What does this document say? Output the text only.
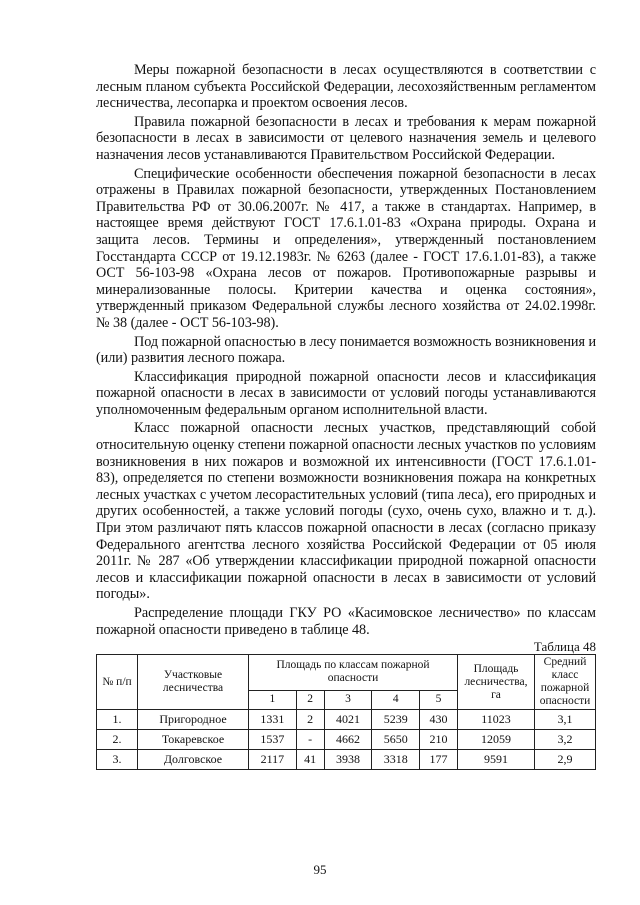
Меры пожарной безопасности в лесах осуществляются в соответствии с лесным планом субъекта Российской Федерации, лесохозяйственным регламентом лесничества, лесопарка и проектом освоения лесов.

Правила пожарной безопасности в лесах и требования к мерам пожарной безопасности в лесах в зависимости от целевого назначения земель и целевого назначения лесов устанавливаются Правительством Российской Федерации.

Специфические особенности обеспечения пожарной безопасности в лесах отражены в Правилах пожарной безопасности, утвержденных Постановлением Правительства РФ от 30.06.2007г. № 417, а также в стандартах. Например, в настоящее время действуют ГОСТ 17.6.1.01-83 «Охрана природы. Охрана и защита лесов. Термины и определения», утвержденный постановлением Госстандарта СССР от 19.12.1983г. № 6263 (далее - ГОСТ 17.6.1.01-83), а также ОСТ 56-103-98 «Охрана лесов от пожаров. Противопожарные разрывы и минерализованные полосы. Критерии качества и оценка состояния», утвержденный приказом Федеральной службы лесного хозяйства от 24.02.1998г. № 38 (далее - ОСТ 56-103-98).

Под пожарной опасностью в лесу понимается возможность возникновения и (или) развития лесного пожара.

Классификация природной пожарной опасности лесов и классификация пожарной опасности в лесах в зависимости от условий погоды устанавливаются уполномоченным федеральным органом исполнительной власти.

Класс пожарной опасности лесных участков, представляющий собой относительную оценку степени пожарной опасности лесных участков по условиям возникновения в них пожаров и возможной их интенсивности (ГОСТ 17.6.1.01-83), определяется по степени возможности возникновения пожара на конкретных лесных участках с учетом лесорастительных условий (типа леса), его природных и других особенностей, а также условий погоды (сухо, очень сухо, влажно и т. д.). При этом различают пять классов пожарной опасности в лесах (согласно приказу Федерального агентства лесного хозяйства Российской Федерации от 05 июля 2011г. № 287 «Об утверждении классификации природной пожарной опасности лесов и классификации пожарной опасности в лесах в зависимости от условий погоды».

Распределение площади ГКУ РО «Касимовское лесничество» по классам пожарной опасности приведено в таблице 48.

Таблица 48
№ п/п	Участковые лесничества	Площадь по классам пожарной опасности					Площадь лесничества, га	Средний класс пожарной опасности
		1	2	3	4	5		
1.	Пригородное	1331	2	4021	5239	430	11023	3,1
2.	Токаревское	1537	-	4662	5650	210	12059	3,2
3.	Долговское	2117	41	3938	3318	177	9591	2,9
95
